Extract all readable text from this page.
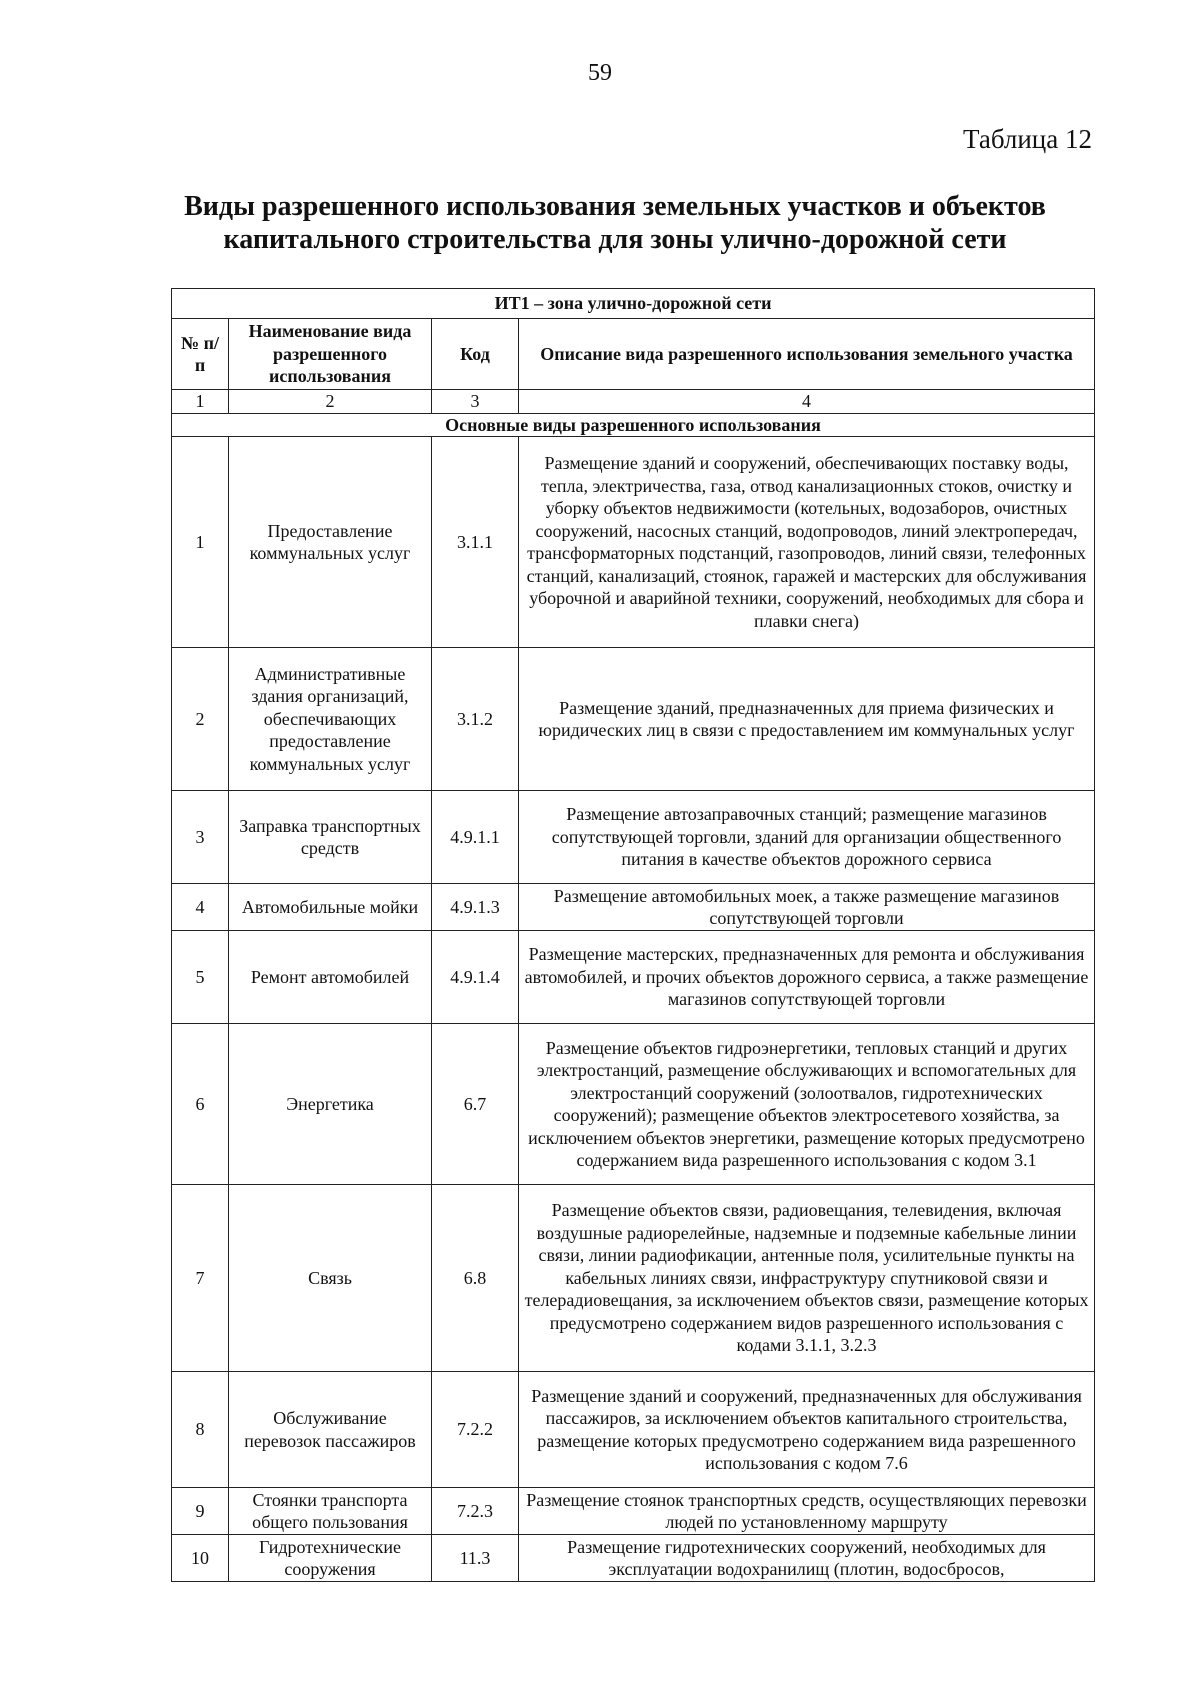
59
Таблица 12
Виды разрешенного использования земельных участков и объектов
капитального строительства для зоны улично-дорожной сети
ИТ1 – зона улично-дорожной сети			
№ п/п	Наименование вида разрешенного использования	Код	Описание вида разрешенного использования земельного участка
1	2	3	4
Основные виды разрешенного использования			
1	Предоставление коммунальных услуг	3.1.1	Размещение зданий и сооружений, обеспечивающих поставку воды, тепла, электричества, газа, отвод канализационных стоков, очистку и уборку объектов недвижимости (котельных, водозаборов, очистных сооружений, насосных станций, водопроводов, линий электропередач, трансформаторных подстанций, газопроводов, линий связи, телефонных станций, канализаций, стоянок, гаражей и мастерских для обслуживания уборочной и аварийной техники, сооружений, необходимых для сбора и плавки снега)
2	Административные здания организаций, обеспечивающих предоставление коммунальных услуг	3.1.2	Размещение зданий, предназначенных для приема физических и юридических лиц в связи с предоставлением им коммунальных услуг
3	Заправка транспортных средств	4.9.1.1	Размещение автозаправочных станций; размещение магазинов сопутствующей торговли, зданий для организации общественного питания в качестве объектов дорожного сервиса
4	Автомобильные мойки	4.9.1.3	Размещение автомобильных моек, а также размещение магазинов сопутствующей торговли
5	Ремонт автомобилей	4.9.1.4	Размещение мастерских, предназначенных для ремонта и обслуживания автомобилей, и прочих объектов дорожного сервиса, а также размещение магазинов сопутствующей торговли
6	Энергетика	6.7	Размещение объектов гидроэнергетики, тепловых станций и других электростанций, размещение обслуживающих и вспомогательных для электростанций сооружений (золоотвалов, гидротехнических сооружений); размещение объектов электросетевого хозяйства, за исключением объектов энергетики, размещение которых предусмотрено содержанием вида разрешенного использования с кодом 3.1
7	Связь	6.8	Размещение объектов связи, радиовещания, телевидения, включая воздушные радиорелейные, надземные и подземные кабельные линии связи, линии радиофикации, антенные поля, усилительные пункты на кабельных линиях связи, инфраструктуру спутниковой связи и телерадиовещания, за исключением объектов связи, размещение которых предусмотрено содержанием видов разрешенного использования с кодами 3.1.1, 3.2.3
8	Обслуживание перевозок пассажиров	7.2.2	Размещение зданий и сооружений, предназначенных для обслуживания пассажиров, за исключением объектов капитального строительства, размещение которых предусмотрено содержанием вида разрешенного использования с кодом 7.6
9	Стоянки транспорта общего пользования	7.2.3	Размещение стоянок транспортных средств, осуществляющих перевозки людей по установленному маршруту
10	Гидротехнические сооружения	11.3	Размещение гидротехнических сооружений, необходимых для эксплуатации водохранилищ (плотин, водосбросов,
